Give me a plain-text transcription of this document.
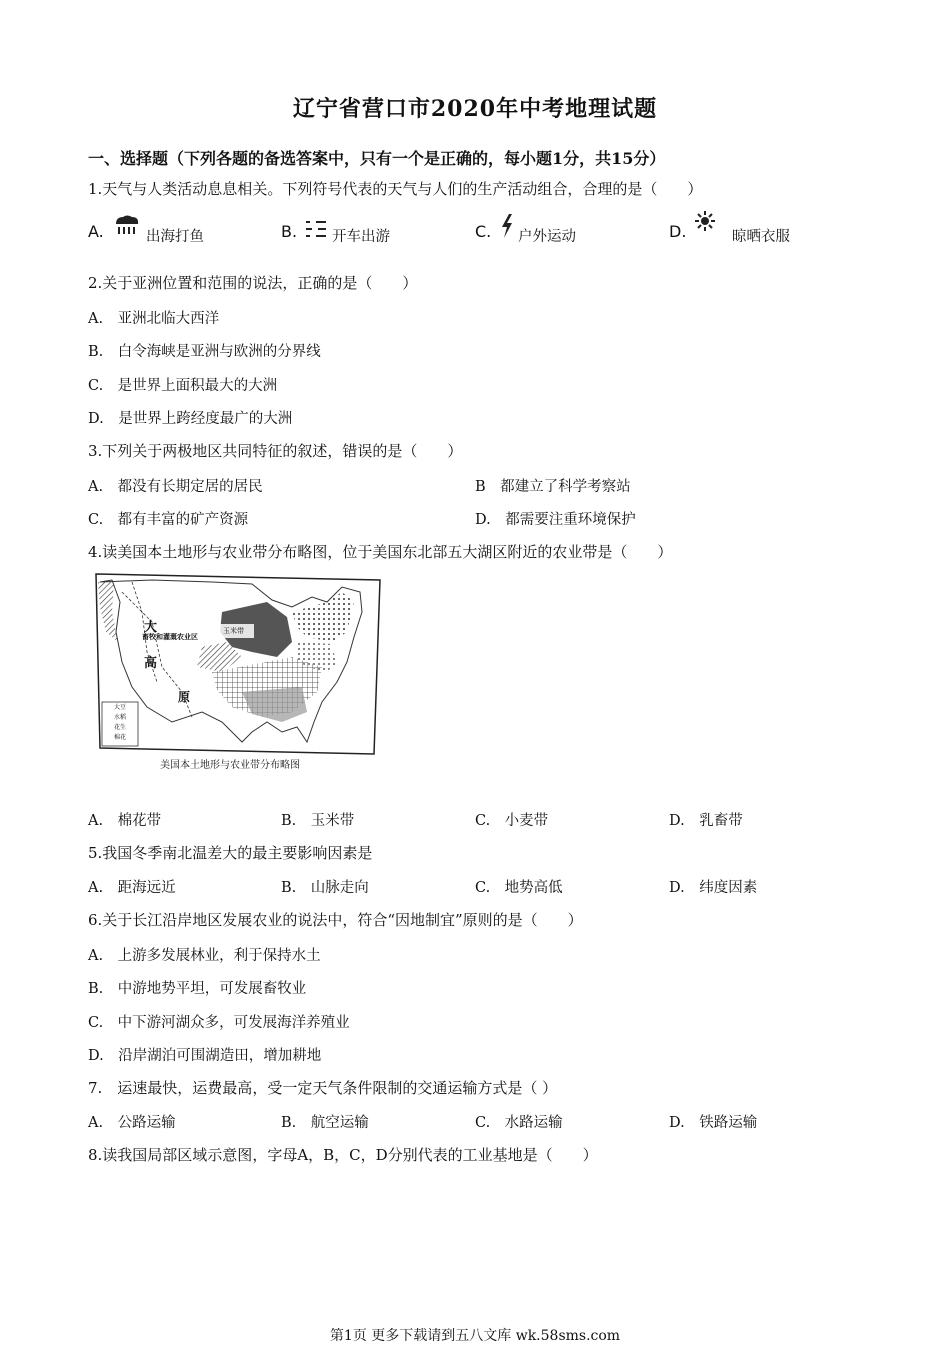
辽宁省营口市2020年中考地理试题
一、选择题（下列各题的备选答案中，只有一个是正确的，每小题1分，共15分）
1.天气与人类活动息息相关。下列符号代表的天气与人们的生产活动组合，合理的是（　　）
A.	出海打鱼	B. 开车出游	C. 户外运动	D.	晾晒衣服
2.关于亚洲位置和范围的说法，正确的是（　　）
A.　亚洲北临大西洋
B.　白令海峡是亚洲与欧洲的分界线
C.　是世界上面积最大的大洲
D.　是世界上跨经度最广的大洲
3.下列关于两极地区共同特征的叙述，错误的是（　　）
A.　都没有长期定居的居民	B　都建立了科学考察站
C.　都有丰富的矿产资源	D.　都需要注重环境保护
4.读美国本土地形与农业带分布略图，位于美国东北部五大湖区附近的农业带是（　　）
大
高
原
畜牧和灌溉农业区
玉米带
大豆
水稻
花生
棉花
美国本土地形与农业带分布略图
A.　棉花带	B.　玉米带	C.　小麦带	D.　乳畜带
5.我国冬季南北温差大的最主要影响因素是
A.　距海远近	B.　山脉走向	C.　地势高低	D.　纬度因素
6.关于长江沿岸地区发展农业的说法中，符合“因地制宜”原则的是（　　）
A.　上游多发展林业，利于保持水土
B.　中游地势平坦，可发展畜牧业
C.　中下游河湖众多，可发展海洋养殖业
D.　沿岸湖泊可围湖造田，增加耕地
7.　运速最快，运费最高，受一定天气条件限制的交通运输方式是（ ）
A.　公路运输	B.　航空运输	C.　水路运输	D.　铁路运输
8.读我国局部区域示意图，字母A，B，C，D分别代表的工业基地是（　　）
第1页 更多下载请到五八文库 wk.58sms.com
